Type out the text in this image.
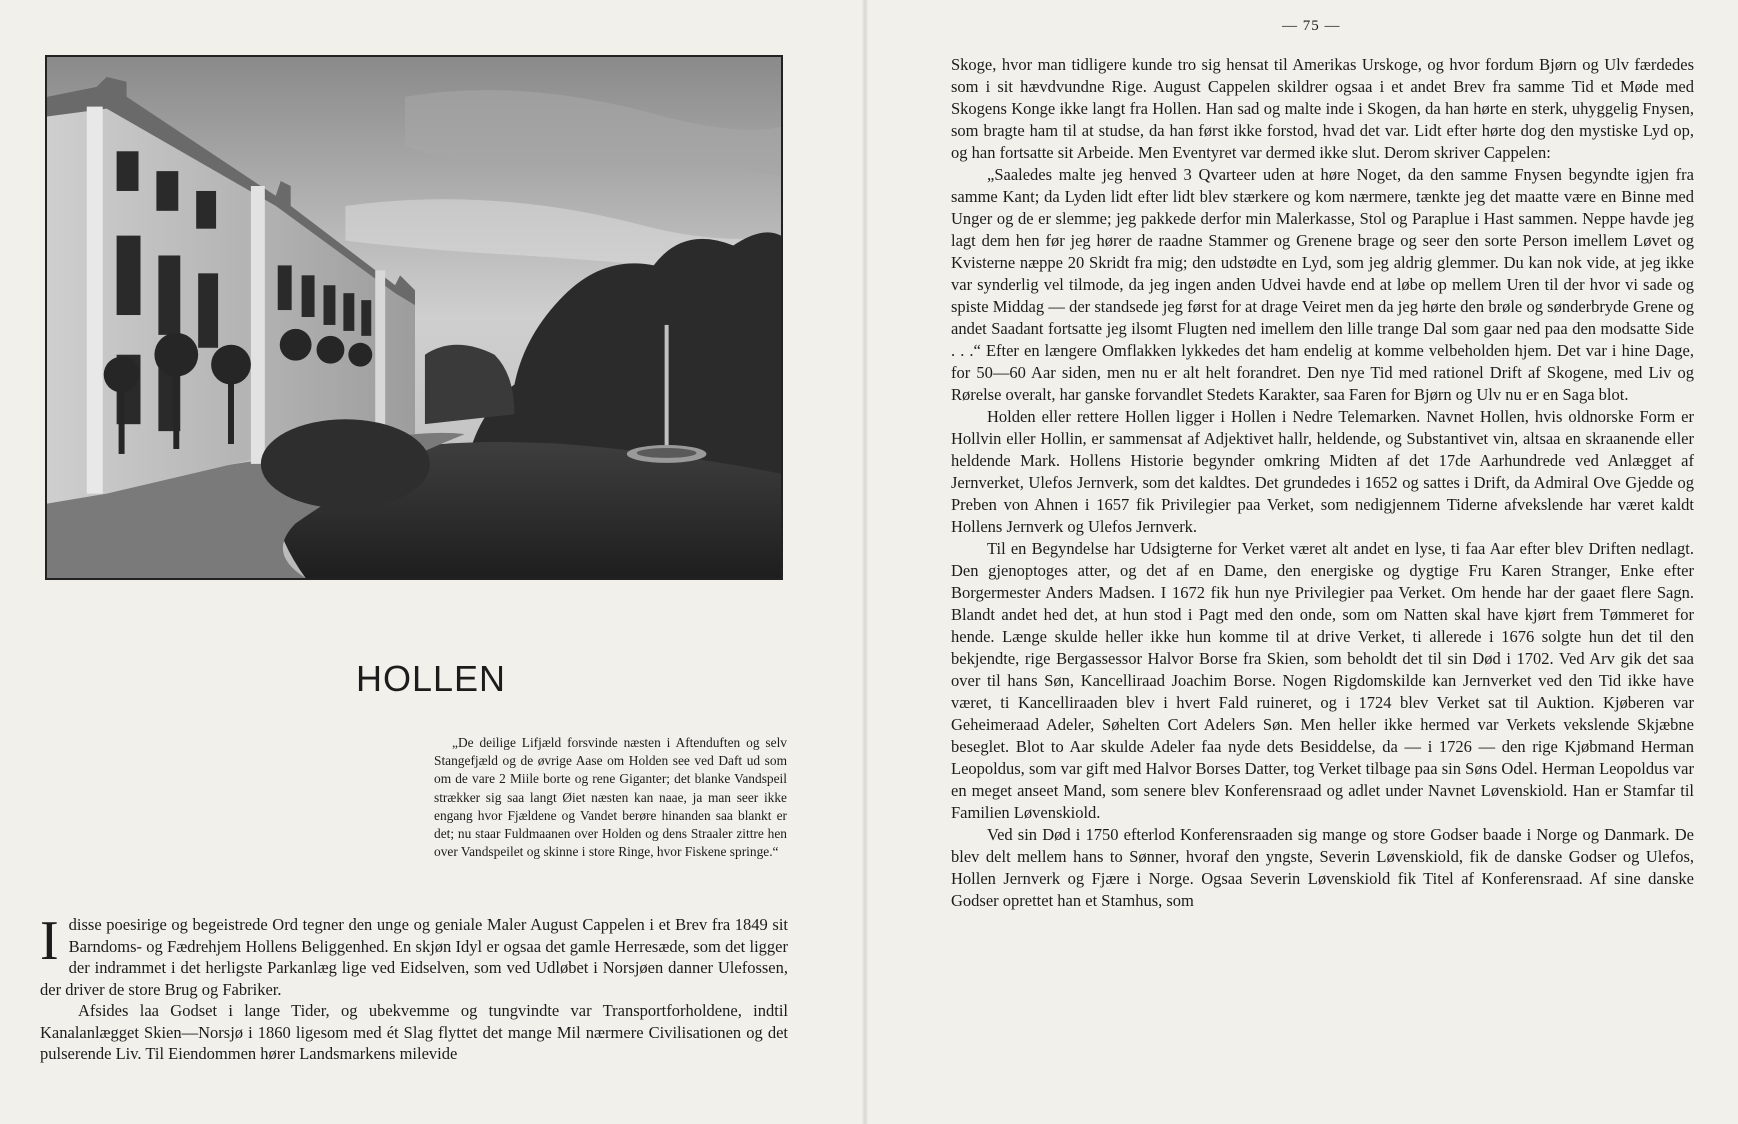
HOLLEN

„De deilige Lifjæld forsvinde næsten i Aftenduften og selv Stangefjæld og de øvrige Aase om Holden see ved Daft ud som om de vare 2 Miile borte og rene Giganter; det blanke Vandspeil strækker sig saa langt Øiet næsten kan naae, ja man seer ikke engang hvor Fjældene og Vandet berøre hinanden saa blankt er det; nu staar Fuldmaanen over Holden og dens Straaler zittre hen over Vandspeilet og skinne i store Ringe, hvor Fiskene springe.“

Idisse poesirige og begeistrede Ord tegner den unge og geniale Maler August Cappelen i et Brev fra 1849 sit Barndoms- og Fædrehjem Hollens Beliggenhed. En skjøn Idyl er ogsaa det gamle Herresæde, som det ligger der indrammet i det herligste Parkanlæg lige ved Eidselven, som ved Udløbet i Norsjøen danner Ulefossen, der driver de store Brug og Fabriker.

Afsides laa Godset i lange Tider, og ubekvemme og tungvindte var Transportforholdene, indtil Kanalanlægget Skien—Norsjø i 1860 ligesom med ét Slag flyttet det mange Mil nærmere Civilisationen og det pulserende Liv. Til Eiendommen hører Landsmarkens milevide

— 75 —

Skoge, hvor man tidligere kunde tro sig hensat til Amerikas Urskoge, og hvor fordum Bjørn og Ulv færdedes som i sit hævdvundne Rige. August Cappelen skildrer ogsaa i et andet Brev fra samme Tid et Møde med Skogens Konge ikke langt fra Hollen. Han sad og malte inde i Skogen, da han hørte en sterk, uhyggelig Fnysen, som bragte ham til at studse, da han først ikke forstod, hvad det var. Lidt efter hørte dog den mystiske Lyd op, og han fortsatte sit Arbeide. Men Eventyret var dermed ikke slut. Derom skriver Cappelen:

„Saaledes malte jeg henved 3 Qvarteer uden at høre Noget, da den samme Fnysen begyndte igjen fra samme Kant; da Lyden lidt efter lidt blev stærkere og kom nærmere, tænkte jeg det maatte være en Binne med Unger og de er slemme; jeg pakkede derfor min Malerkasse, Stol og Paraplue i Hast sammen. Neppe havde jeg lagt dem hen før jeg hører de raadne Stammer og Grenene brage og seer den sorte Person imellem Løvet og Kvisterne næppe 20 Skridt fra mig; den udstødte en Lyd, som jeg aldrig glemmer. Du kan nok vide, at jeg ikke var synderlig vel tilmode, da jeg ingen anden Udvei havde end at løbe op mellem Uren til der hvor vi sade og spiste Middag — der standsede jeg først for at drage Veiret men da jeg hørte den brøle og sønderbryde Grene og andet Saadant fortsatte jeg ilsomt Flugten ned imellem den lille trange Dal som gaar ned paa den modsatte Side . . .“ Efter en længere Omflakken lykkedes det ham endelig at komme velbeholden hjem. Det var i hine Dage, for 50—60 Aar siden, men nu er alt helt forandret. Den nye Tid med rationel Drift af Skogene, med Liv og Rørelse overalt, har ganske forvandlet Stedets Karakter, saa Faren for Bjørn og Ulv nu er en Saga blot.

Holden eller rettere Hollen ligger i Hollen i Nedre Telemarken. Navnet Hollen, hvis oldnorske Form er Hollvin eller Hollin, er sammensat af Adjektivet hallr, heldende, og Substantivet vin, altsaa en skraanende eller heldende Mark. Hollens Historie begynder omkring Midten af det 17de Aarhundrede ved Anlægget af Jernverket, Ulefos Jernverk, som det kaldtes. Det grundedes i 1652 og sattes i Drift, da Admiral Ove Gjedde og Preben von Ahnen i 1657 fik Privilegier paa Verket, som nedigjennem Tiderne afvekslende har været kaldt Hollens Jernverk og Ulefos Jernverk.

Til en Begyndelse har Udsigterne for Verket været alt andet en lyse, ti faa Aar efter blev Driften nedlagt. Den gjenoptoges atter, og det af en Dame, den energiske og dygtige Fru Karen Stranger, Enke efter Borgermester Anders Madsen. I 1672 fik hun nye Privilegier paa Verket. Om hende har der gaaet flere Sagn. Blandt andet hed det, at hun stod i Pagt med den onde, som om Natten skal have kjørt frem Tømmeret for hende. Længe skulde heller ikke hun komme til at drive Verket, ti allerede i 1676 solgte hun det til den bekjendte, rige Bergassessor Halvor Borse fra Skien, som beholdt det til sin Død i 1702. Ved Arv gik det saa over til hans Søn, Kancelliraad Joachim Borse. Nogen Rigdomskilde kan Jernverket ved den Tid ikke have været, ti Kancelliraaden blev i hvert Fald ruineret, og i 1724 blev Verket sat til Auktion. Kjøberen var Geheimeraad Adeler, Søhelten Cort Adelers Søn. Men heller ikke hermed var Verkets vekslende Skjæbne beseglet. Blot to Aar skulde Adeler faa nyde dets Besiddelse, da — i 1726 — den rige Kjøbmand Herman Leopoldus, som var gift med Halvor Borses Datter, tog Verket tilbage paa sin Søns Odel. Herman Leopoldus var en meget anseet Mand, som senere blev Konferensraad og adlet under Navnet Løvenskiold. Han er Stamfar til Familien Løvenskiold.

Ved sin Død i 1750 efterlod Konferensraaden sig mange og store Godser baade i Norge og Danmark. De blev delt mellem hans to Sønner, hvoraf den yngste, Severin Løvenskiold, fik de danske Godser og Ulefos, Hollen Jernverk og Fjære i Norge. Ogsaa Severin Løvenskiold fik Titel af Konferensraad. Af sine danske Godser oprettet han et Stamhus, som
